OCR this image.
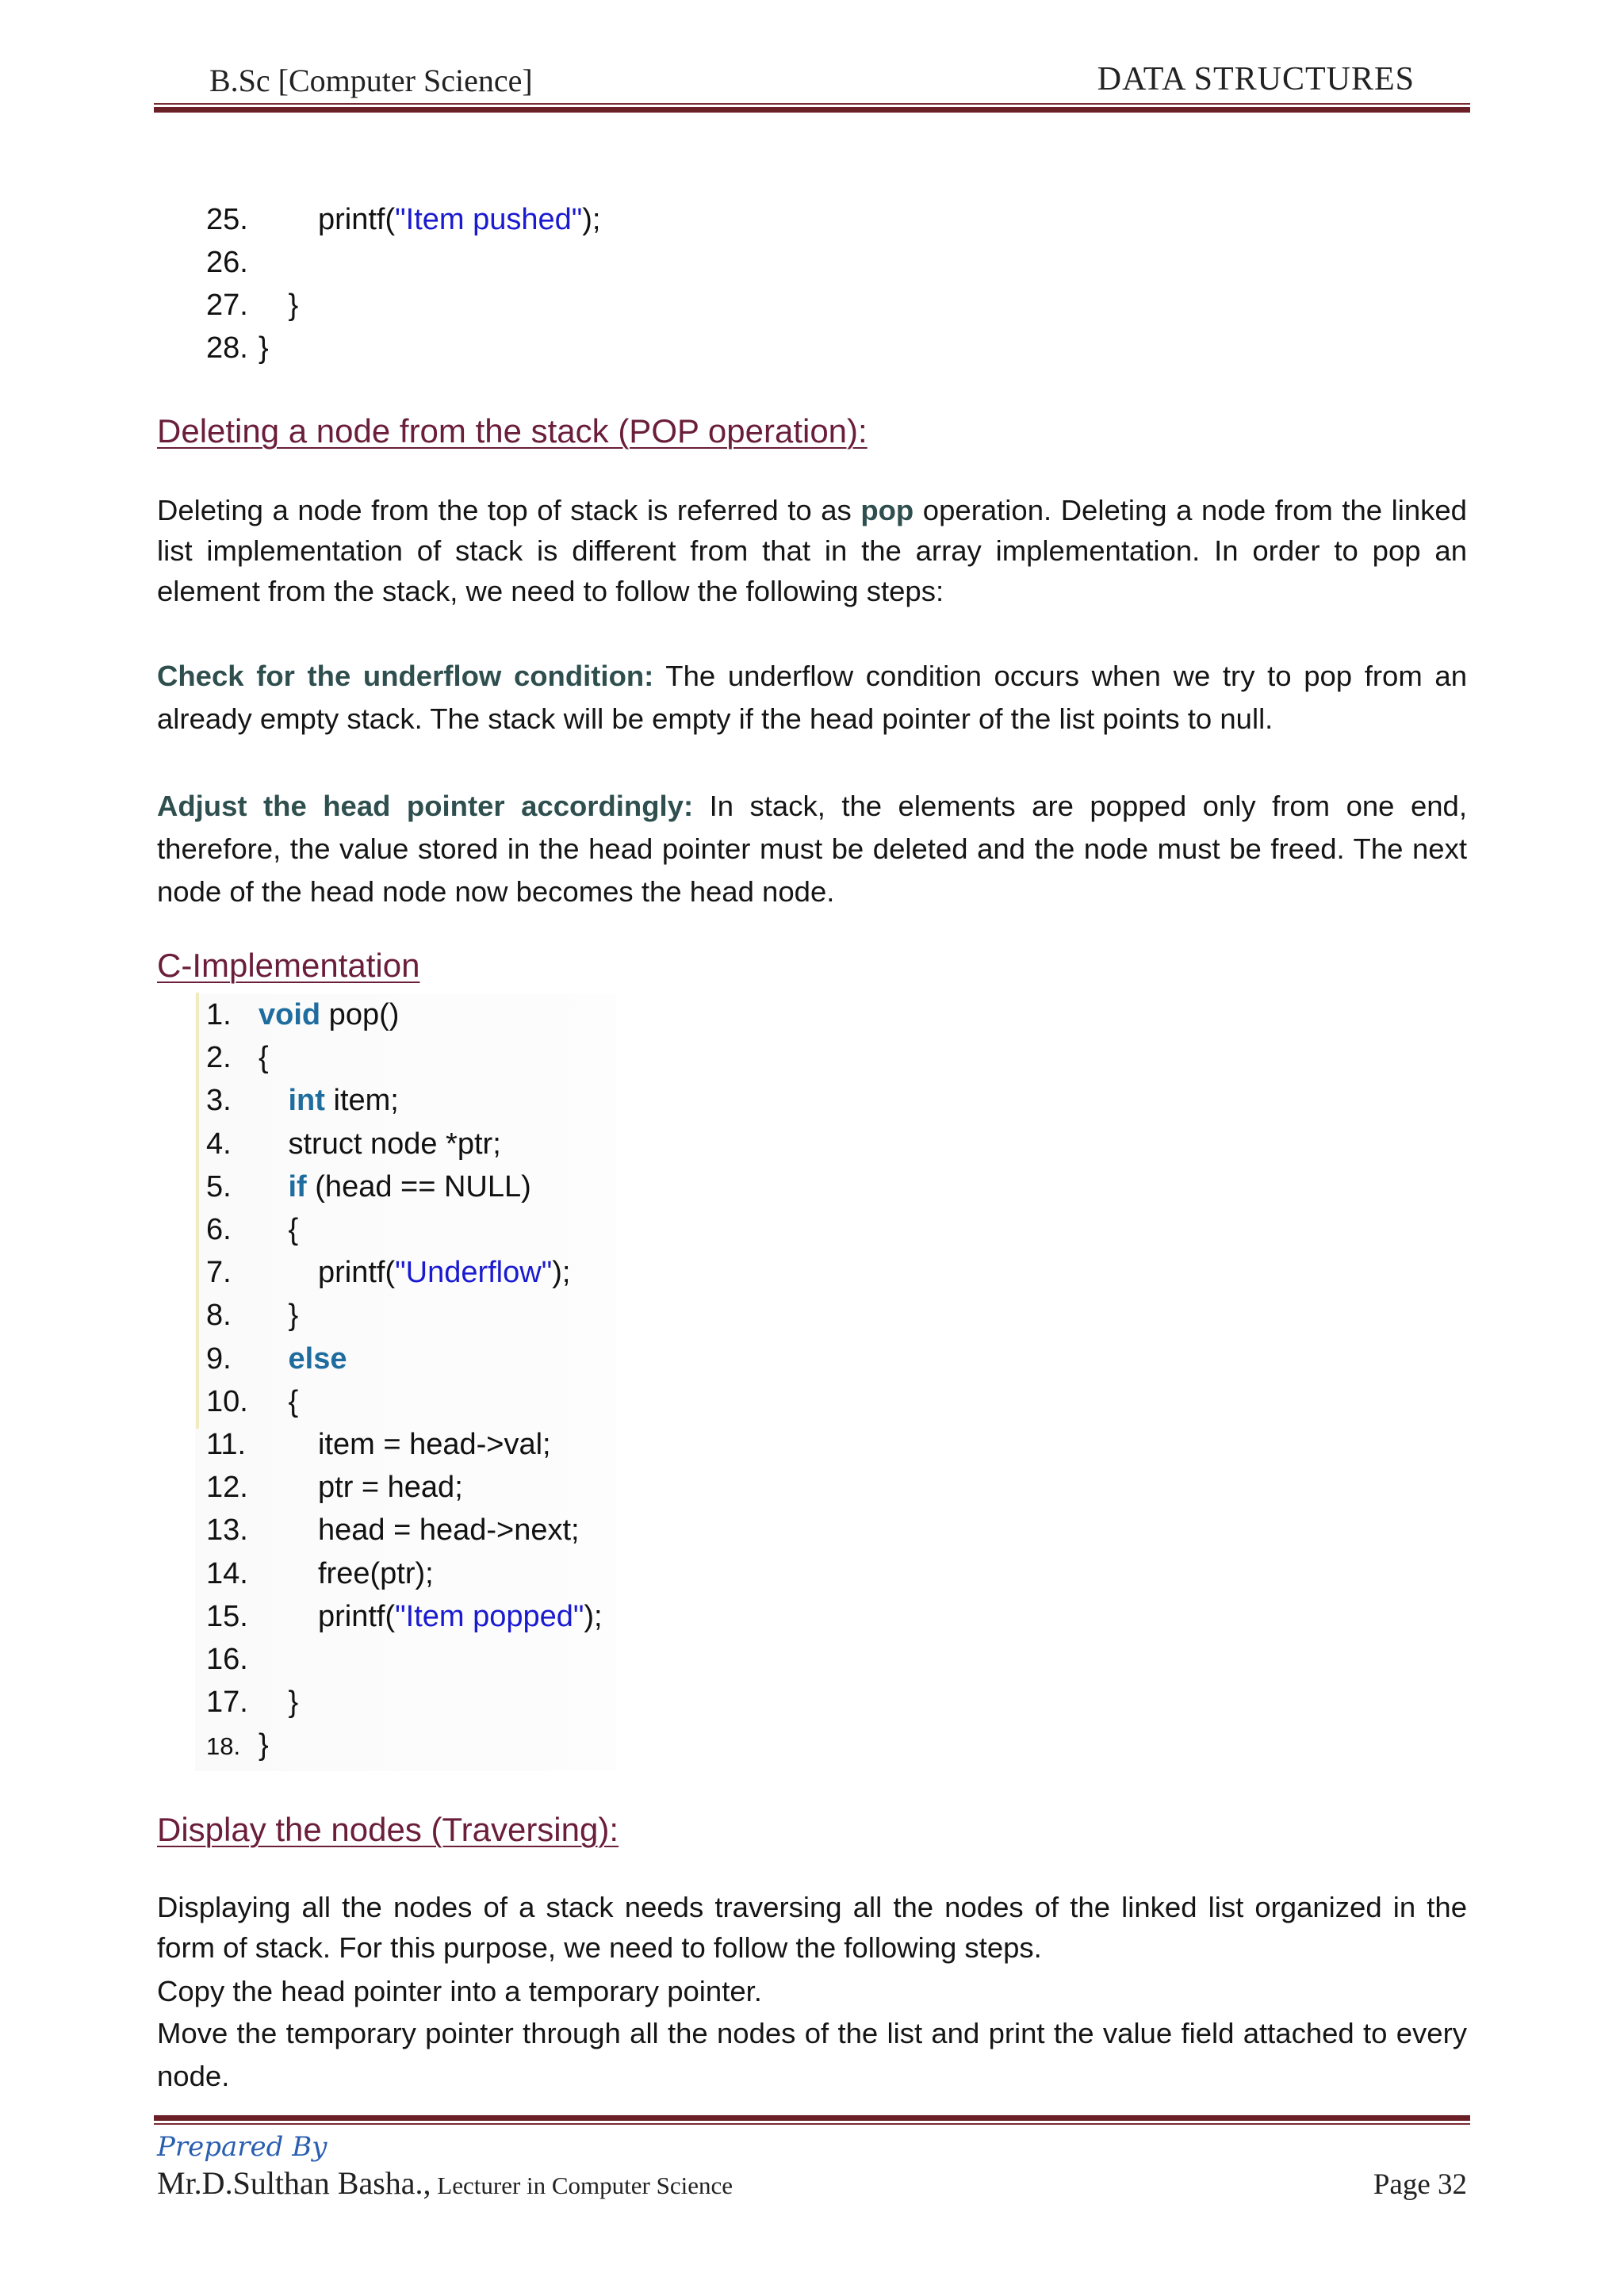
B.Sc [Computer Science]	DATA STRUCTURES
25. printf("Item pushed");
26.
27. }
28. }
Deleting a node from the stack (POP operation):
Deleting a node from the top of stack is referred to as pop operation. Deleting a node from the linked list implementation of stack is different from that in the array implementation. In order to pop an element from the stack, we need to follow the following steps:
Check for the underflow condition: The underflow condition occurs when we try to pop from an already empty stack. The stack will be empty if the head pointer of the list points to null.
Adjust the head pointer accordingly: In stack, the elements are popped only from one end, therefore, the value stored in the head pointer must be deleted and the node must be freed. The next node of the head node now becomes the head node.
C-Implementation
1. void pop()
2. {
3. int item;
4. struct node *ptr;
5. if (head == NULL)
6. {
7.	printf("Underflow");
8. }
9. else
10. {
11. item = head->val;
12. ptr = head;
13. head = head->next;
14. free(ptr);
15. printf("Item popped");
16.
17. }
18. }
Display the nodes (Traversing):
Displaying all the nodes of a stack needs traversing all the nodes of the linked list organized in the form of stack. For this purpose, we need to follow the following steps.
Copy the head pointer into a temporary pointer.
Move the temporary pointer through all the nodes of the list and print the value field attached to every node.
Prepared By
Mr.D.Sulthan Basha., Lecturer in Computer Science	Page 32
